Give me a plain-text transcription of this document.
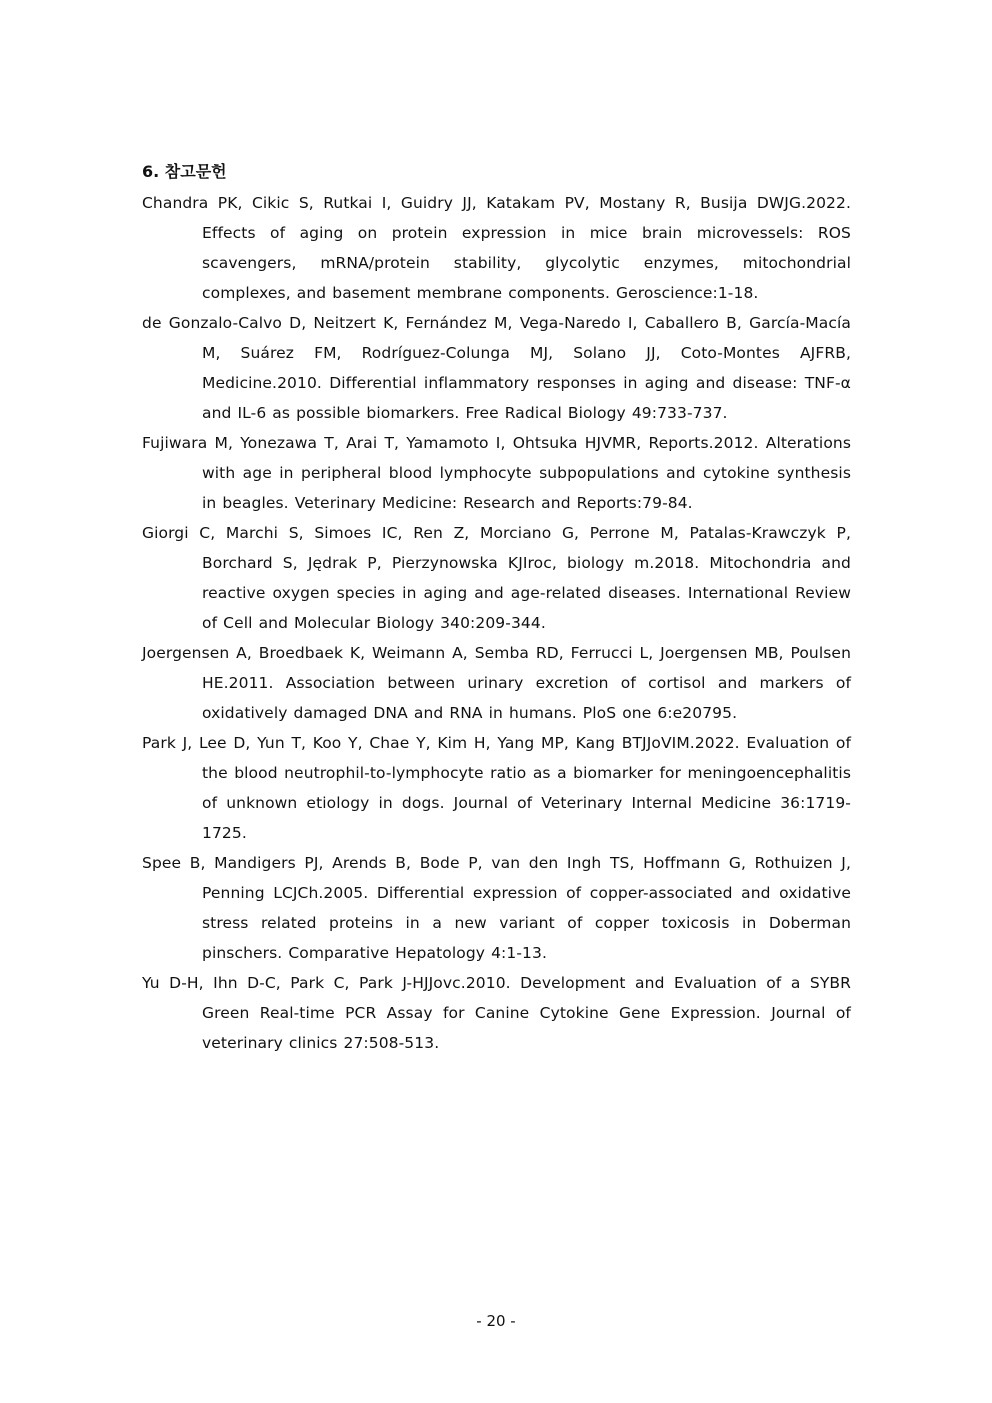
6. 참고문헌
Chandra PK, Cikic S, Rutkai I, Guidry JJ, Katakam PV, Mostany R, Busija DWJG.2022. Effects of aging on protein expression in mice brain microvessels: ROS scavengers, mRNA/protein stability, glycolytic enzymes, mitochondrial complexes, and basement membrane components. Geroscience:1-18.
de Gonzalo-Calvo D, Neitzert K, Fernández M, Vega-Naredo I, Caballero B, García-Macía M, Suárez FM, Rodríguez-Colunga MJ, Solano JJ, Coto-Montes AJFRB, Medicine.2010. Differential inflammatory responses in aging and disease: TNF-α and IL-6 as possible biomarkers. Free Radical Biology 49:733-737.
Fujiwara M, Yonezawa T, Arai T, Yamamoto I, Ohtsuka HJVMR, Reports.2012. Alterations with age in peripheral blood lymphocyte subpopulations and cytokine synthesis in beagles. Veterinary Medicine: Research and Reports:79-84.
Giorgi C, Marchi S, Simoes IC, Ren Z, Morciano G, Perrone M, Patalas-Krawczyk P, Borchard S, Jędrak P, Pierzynowska KJIroc, biology m.2018. Mitochondria and reactive oxygen species in aging and age-related diseases. International Review of Cell and Molecular Biology 340:209-344.
Joergensen A, Broedbaek K, Weimann A, Semba RD, Ferrucci L, Joergensen MB, Poulsen HE.2011. Association between urinary excretion of cortisol and markers of oxidatively damaged DNA and RNA in humans. PloS one 6:e20795.
Park J, Lee D, Yun T, Koo Y, Chae Y, Kim H, Yang MP, Kang BTJJoVIM.2022. Evaluation of the blood neutrophil-to-lymphocyte ratio as a biomarker for meningoencephalitis of unknown etiology in dogs. Journal of Veterinary Internal Medicine 36:1719-1725.
Spee B, Mandigers PJ, Arends B, Bode P, van den Ingh TS, Hoffmann G, Rothuizen J, Penning LCJCh.2005. Differential expression of copper-associated and oxidative stress related proteins in a new variant of copper toxicosis in Doberman pinschers. Comparative Hepatology 4:1-13.
Yu D-H, Ihn D-C, Park C, Park J-HJJovc.2010. Development and Evaluation of a SYBR Green Real-time PCR Assay for Canine Cytokine Gene Expression. Journal of veterinary clinics 27:508-513.
- 20 -
